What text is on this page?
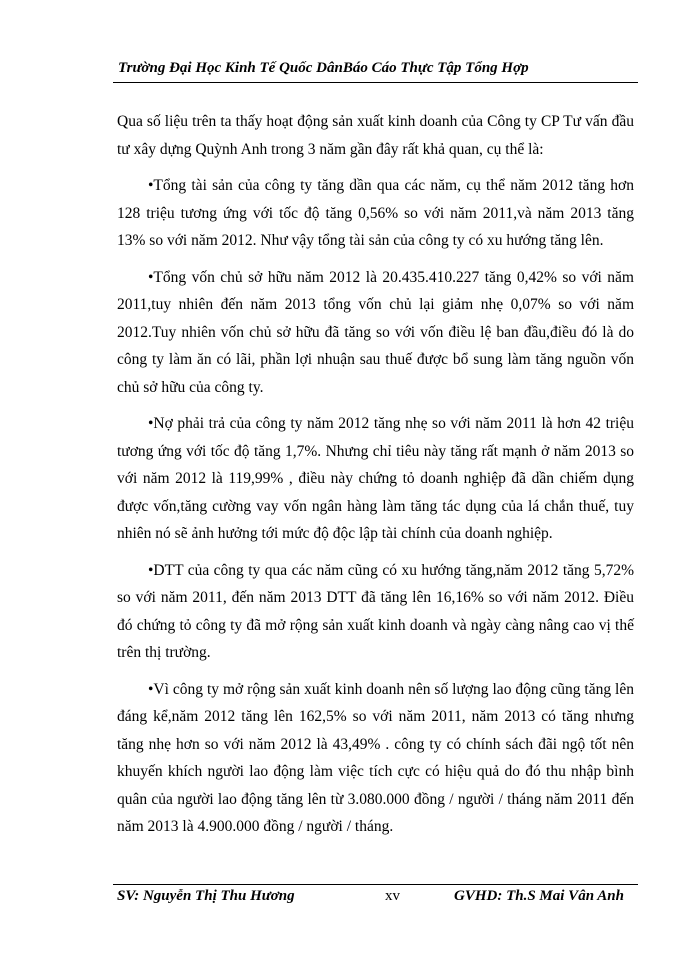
Trường Đại Học Kinh Tế Quốc DânBáo Cáo Thực Tập Tổng Hợp

Qua số liệu trên ta thấy hoạt động sản xuất kinh doanh của Công ty CP Tư vấn đầu tư xây dựng Quỳnh Anh trong 3 năm gần đây rất khả quan, cụ thể là:

•Tổng tài sản của công ty tăng dần qua các năm, cụ thể năm 2012 tăng hơn 128 triệu tương ứng với tốc độ tăng 0,56% so với năm 2011,và năm 2013 tăng 13% so với năm 2012. Như vậy tổng tài sản của công ty có xu hướng tăng lên.

•Tổng vốn chủ sở hữu năm 2012 là 20.435.410.227 tăng 0,42% so với năm 2011,tuy nhiên đến năm 2013 tổng vốn chủ lại giảm nhẹ 0,07% so với năm 2012.Tuy nhiên vốn chủ sở hữu đã tăng so với vốn điều lệ ban đầu,điều đó là do công ty làm ăn có lãi, phần lợi nhuận sau thuế được bổ sung làm tăng nguồn vốn chủ sở hữu của công ty.

•Nợ phải trả của công ty năm 2012 tăng nhẹ so với năm 2011 là hơn 42 triệu tương ứng với tốc độ tăng 1,7%. Nhưng chỉ tiêu này tăng rất mạnh ở năm 2013 so với năm 2012 là 119,99% , điều này chứng tỏ doanh nghiệp đã dần chiếm dụng được vốn,tăng cường vay vốn ngân hàng làm tăng tác dụng của lá chắn thuế, tuy nhiên nó sẽ ảnh hưởng tới mức độ độc lập tài chính của doanh nghiệp.

•DTT của công ty qua các năm cũng có xu hướng tăng,năm 2012 tăng 5,72% so với năm 2011, đến năm 2013 DTT đã tăng lên 16,16% so với năm 2012. Điều đó chứng tỏ công ty đã mở rộng sản xuất kinh doanh và ngày càng nâng cao vị thế trên thị trường.

•Vì công ty mở rộng sản xuất kinh doanh nên số lượng lao động cũng tăng lên đáng kể,năm 2012 tăng lên 162,5% so với năm 2011, năm 2013 có tăng nhưng tăng nhẹ hơn so với năm 2012 là 43,49% . công ty có chính sách đãi ngộ tốt nên khuyến khích người lao động làm việc tích cực có hiệu quả do đó thu nhập bình quân của người lao động tăng lên từ 3.080.000 đồng / người / tháng năm 2011 đến năm 2013 là 4.900.000 đồng / người / tháng.

SV: Nguyễn Thị Thu Hương	xv	GVHD: Th.S Mai Vân Anh
